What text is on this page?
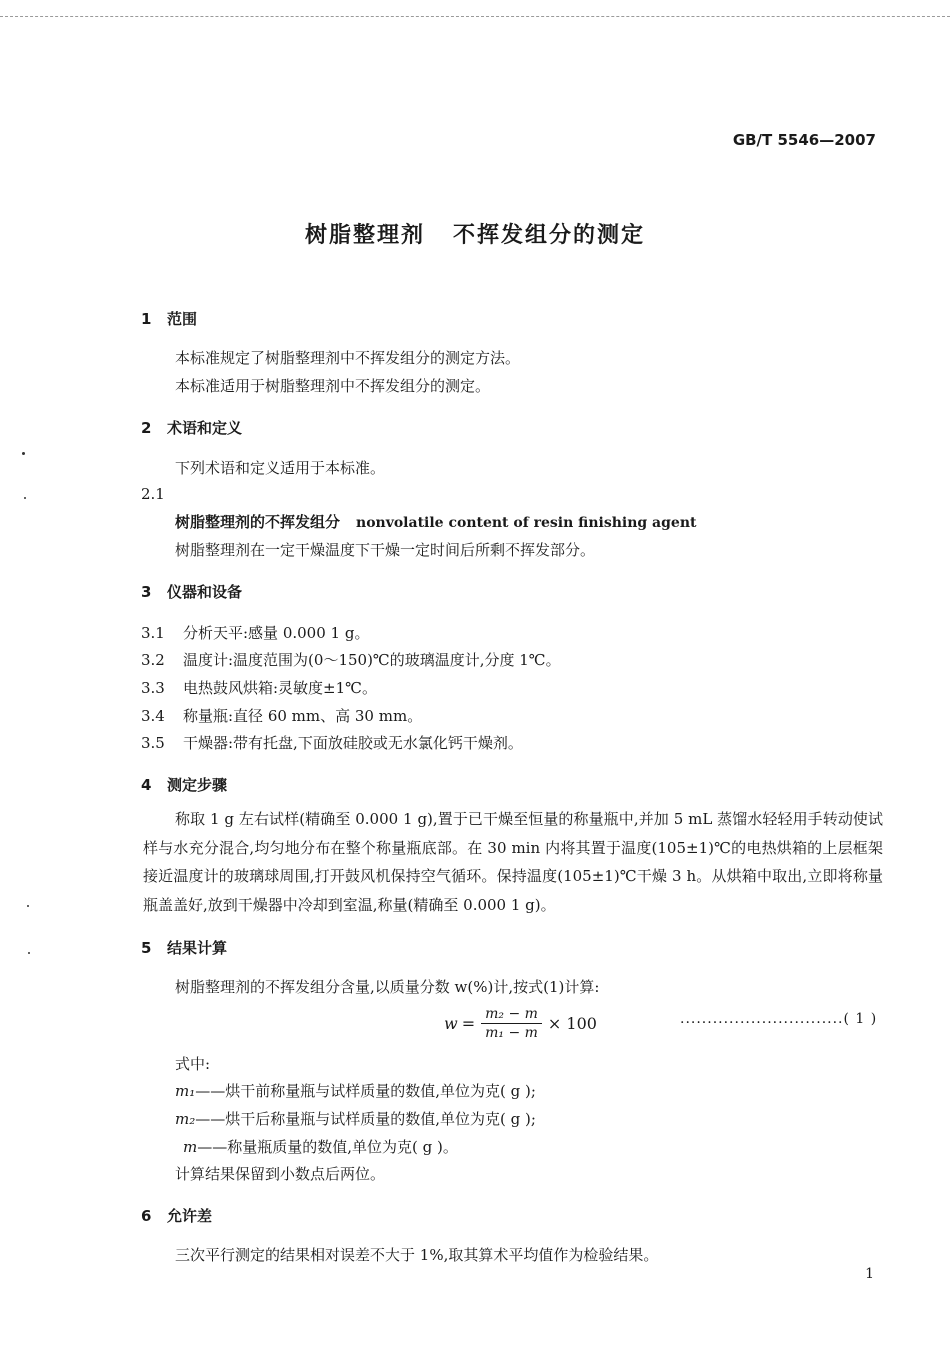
GB/T 5546—2007
树脂整理剂 不挥发组分的测定
1 范围
本标准规定了树脂整理剂中不挥发组分的测定方法。
本标准适用于树脂整理剂中不挥发组分的测定。
2 术语和定义
下列术语和定义适用于本标准。
2.1
树脂整理剂的不挥发组分 nonvolatile content of resin finishing agent
树脂整理剂在一定干燥温度下干燥一定时间后所剩不挥发部分。
3 仪器和设备
3.1 分析天平:感量 0.000 1 g。
3.2 温度计:温度范围为(0～150)℃的玻璃温度计,分度 1℃。
3.3 电热鼓风烘箱:灵敏度±1℃。
3.4 称量瓶:直径 60 mm、高 30 mm。
3.5 干燥器:带有托盘,下面放硅胶或无水氯化钙干燥剂。
4 测定步骤
称取 1 g 左右试样(精确至 0.000 1 g),置于已干燥至恒量的称量瓶中,并加 5 mL 蒸馏水轻轻用手转动使试样与水充分混合,均匀地分布在整个称量瓶底部。在 30 min 内将其置于温度(105±1)℃的电热烘箱的上层框架接近温度计的玻璃球周围,打开鼓风机保持空气循环。保持温度(105±1)℃干燥 3 h。从烘箱中取出,立即将称量瓶盖盖好,放到干燥器中冷却到室温,称量(精确至 0.000 1 g)。
5 结果计算
树脂整理剂的不挥发组分含量,以质量分数 w(%)计,按式(1)计算:
$w = \frac{\text{m₂ − m}}{\text{m₁ − m}} \times 100$	..............................( 1 )
式中:
m₁——烘干前称量瓶与试样质量的数值,单位为克( g );
m₂——烘干后称量瓶与试样质量的数值,单位为克( g );
m——称量瓶质量的数值,单位为克( g )。
计算结果保留到小数点后两位。
6 允许差
三次平行测定的结果相对误差不大于 1%,取其算术平均值作为检验结果。
1
